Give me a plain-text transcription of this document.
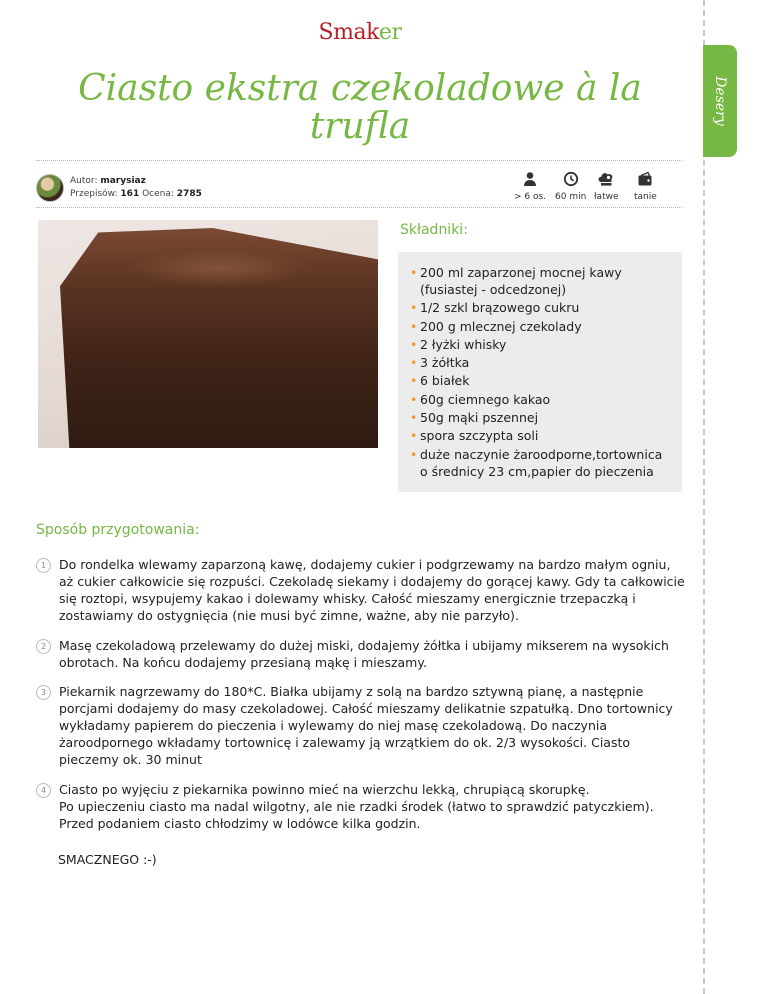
Desery
Smaker
Ciasto ekstra czekoladowe à la trufla
Autor: marysiaz
Przepisów: 161 Ocena: 2785	> 6 os. 60 min łatwe tanie
Składniki:
• 200 ml zaparzonej mocnej kawy (fusiastej - odcedzonej)
• 1/2 szkl brązowego cukru
• 200 g mlecznej czekolady
• 2 łyżki whisky
• 3 żółtka
• 6 białek
• 60g ciemnego kakao
• 50g mąki pszennej
• spora szczypta soli
• duże naczynie żaroodporne,tortownica o średnicy 23 cm,papier do pieczenia
Sposób przygotowania:
1	Do rondelka wlewamy zaparzoną kawę, dodajemy cukier i podgrzewamy na bardzo małym ogniu, aż cukier całkowicie się rozpuści. Czekoladę siekamy i dodajemy do gorącej kawy. Gdy ta całkowicie się roztopi, wsypujemy kakao i dolewamy whisky. Całość mieszamy energicznie trzepaczką i zostawiamy do ostygnięcia (nie musi być zimne, ważne, aby nie parzyło).
2	Masę czekoladową przelewamy do dużej miski, dodajemy żółtka i ubijamy mikserem na wysokich obrotach. Na końcu dodajemy przesianą mąkę i mieszamy.
3	Piekarnik nagrzewamy do 180*C. Białka ubijamy z solą na bardzo sztywną pianę, a następnie porcjami dodajemy do masy czekoladowej. Całość mieszamy delikatnie szpatułką. Dno tortownicy wykładamy papierem do pieczenia i wylewamy do niej masę czekoladową. Do naczynia żaroodpornego wkładamy tortownicę i zalewamy ją wrzątkiem do ok. 2/3 wysokości. Ciasto pieczemy ok. 30 minut
4	Ciasto po wyjęciu z piekarnika powinno mieć na wierzchu lekką, chrupiącą skorupkę.
Po upieczeniu ciasto ma nadal wilgotny, ale nie rzadki środek (łatwo to sprawdzić patyczkiem).
Przed podaniem ciasto chłodzimy w lodówce kilka godzin.
SMACZNEGO :-)
